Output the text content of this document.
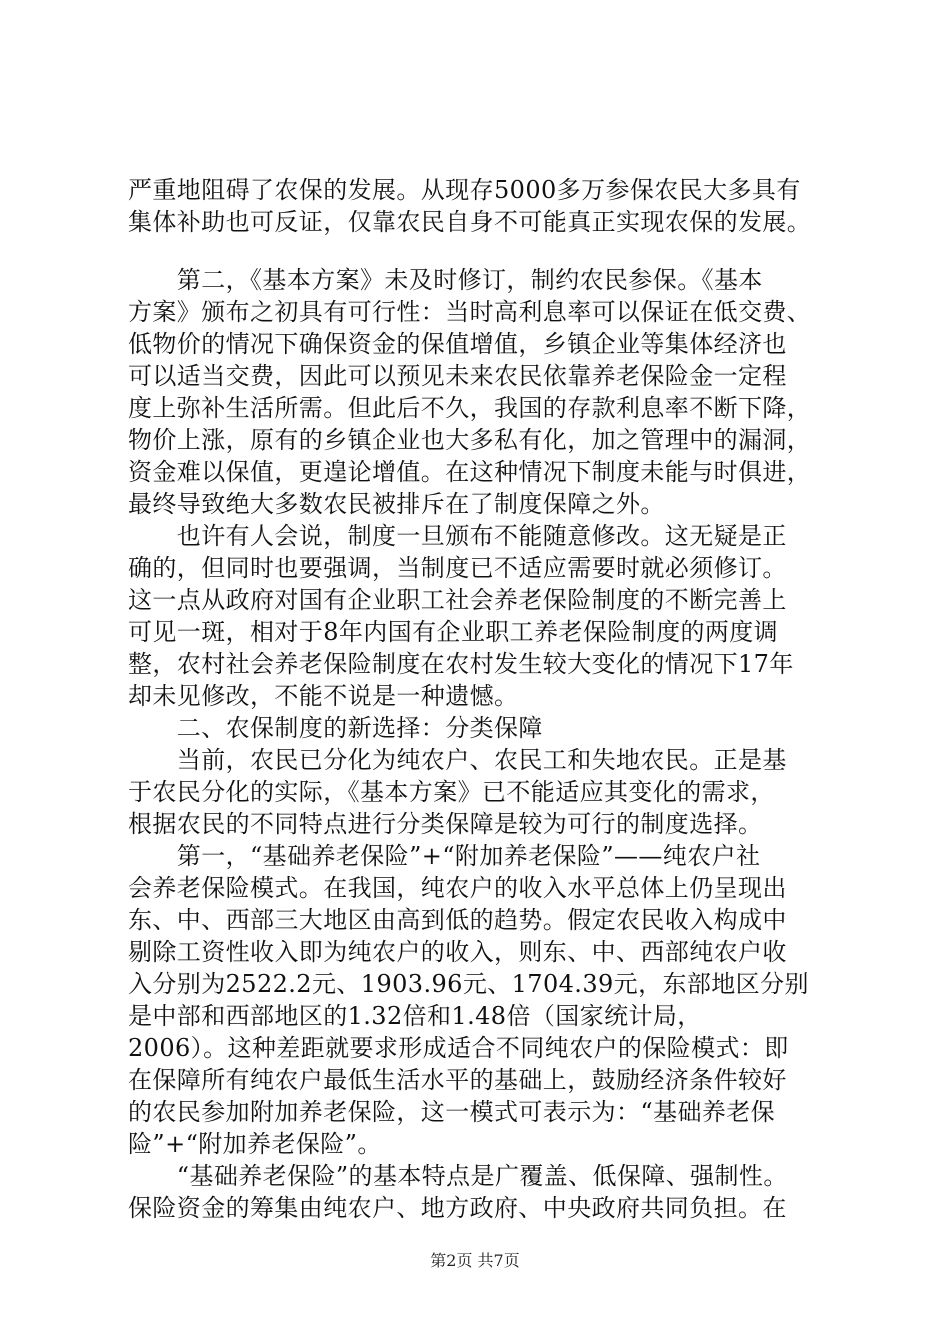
严重地阻碍了农保的发展。从现存5000多万参保农民大多具有
集体补助也可反证，仅靠农民自身不可能真正实现农保的发展。
　　第二，《基本方案》未及时修订，制约农民参保。《基本
方案》颁布之初具有可行性：当时高利息率可以保证在低交费、
低物价的情况下确保资金的保值增值，乡镇企业等集体经济也
可以适当交费，因此可以预见未来农民依靠养老保险金一定程
度上弥补生活所需。但此后不久，我国的存款利息率不断下降，
物价上涨，原有的乡镇企业也大多私有化，加之管理中的漏洞，
资金难以保值，更遑论增值。在这种情况下制度未能与时俱进，
最终导致绝大多数农民被排斥在了制度保障之外。
　　也许有人会说，制度一旦颁布不能随意修改。这无疑是正
确的，但同时也要强调，当制度已不适应需要时就必须修订。
这一点从政府对国有企业职工社会养老保险制度的不断完善上
可见一斑，相对于8年内国有企业职工养老保险制度的两度调
整，农村社会养老保险制度在农村发生较大变化的情况下17年
却未见修改，不能不说是一种遗憾。
　　二、农保制度的新选择：分类保障
　　当前，农民已分化为纯农户、农民工和失地农民。正是基
于农民分化的实际，《基本方案》已不能适应其变化的需求，
根据农民的不同特点进行分类保障是较为可行的制度选择。
　　第一，“基础养老保险”+“附加养老保险”——纯农户社
会养老保险模式。在我国，纯农户的收入水平总体上仍呈现出
东、中、西部三大地区由高到低的趋势。假定农民收入构成中
剔除工资性收入即为纯农户的收入，则东、中、西部纯农户收
入分别为2522.2元、1903.96元、1704.39元，东部地区分别
是中部和西部地区的1.32倍和1.48倍（国家统计局，
2006）。这种差距就要求形成适合不同纯农户的保险模式：即
在保障所有纯农户最低生活水平的基础上，鼓励经济条件较好
的农民参加附加养老保险，这一模式可表示为：“基础养老保
险”+“附加养老保险”。
　　“基础养老保险”的基本特点是广覆盖、低保障、强制性。
保险资金的筹集由纯农户、地方政府、中央政府共同负担。在
第2页 共7页
